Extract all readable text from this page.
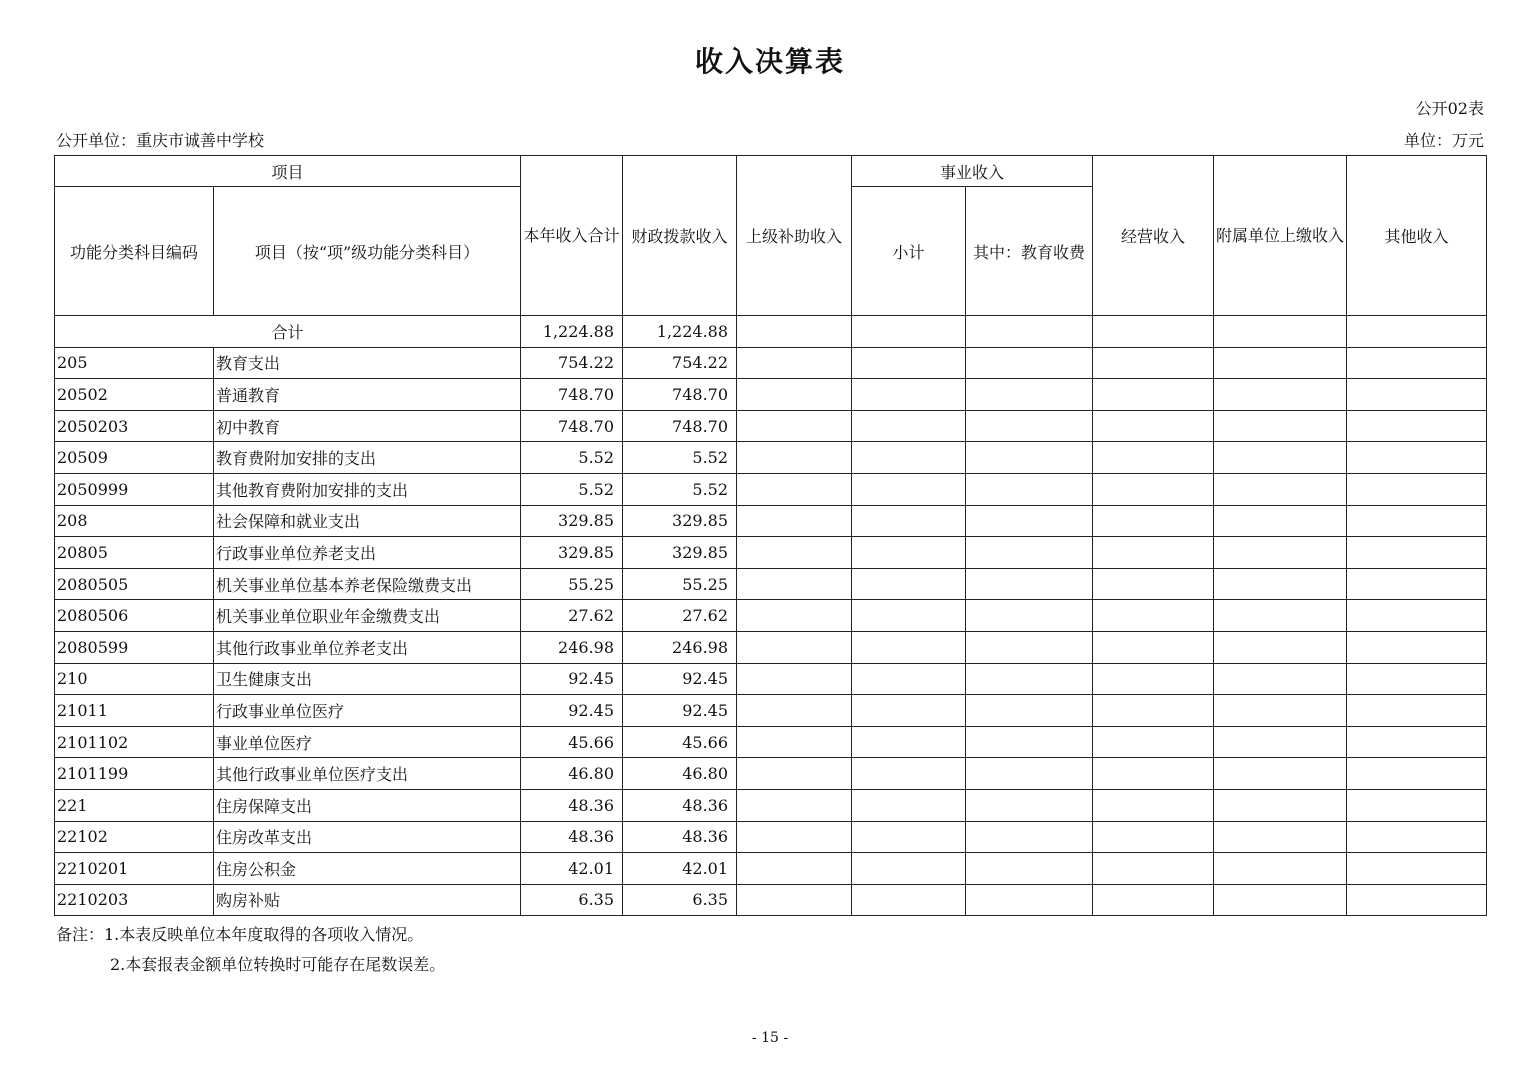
收入决算表
公开02表
公开单位：重庆市诚善中学校	单位：万元
项目		本年收入合计	财政拨款收入	上级补助收入	事业收入		经营收入	附属单位上缴收入	其他收入
功能分类科目编码	项目（按“项”级功能分类科目）				小计	其中：教育收费			
合计		1,224.88	1,224.88						
205	教育支出	754.22	754.22						
20502	普通教育	748.70	748.70						
2050203	初中教育	748.70	748.70						
20509	教育费附加安排的支出	5.52	5.52						
2050999	其他教育费附加安排的支出	5.52	5.52						
208	社会保障和就业支出	329.85	329.85						
20805	行政事业单位养老支出	329.85	329.85						
2080505	机关事业单位基本养老保险缴费支出	55.25	55.25						
2080506	机关事业单位职业年金缴费支出	27.62	27.62						
2080599	其他行政事业单位养老支出	246.98	246.98						
210	卫生健康支出	92.45	92.45						
21011	行政事业单位医疗	92.45	92.45						
2101102	事业单位医疗	45.66	45.66						
2101199	其他行政事业单位医疗支出	46.80	46.80						
221	住房保障支出	48.36	48.36						
22102	住房改革支出	48.36	48.36						
2210201	住房公积金	42.01	42.01						
2210203	购房补贴	6.35	6.35						
备注：1.本表反映单位本年度取得的各项收入情况。
2.本套报表金额单位转换时可能存在尾数误差。
- 15 -
